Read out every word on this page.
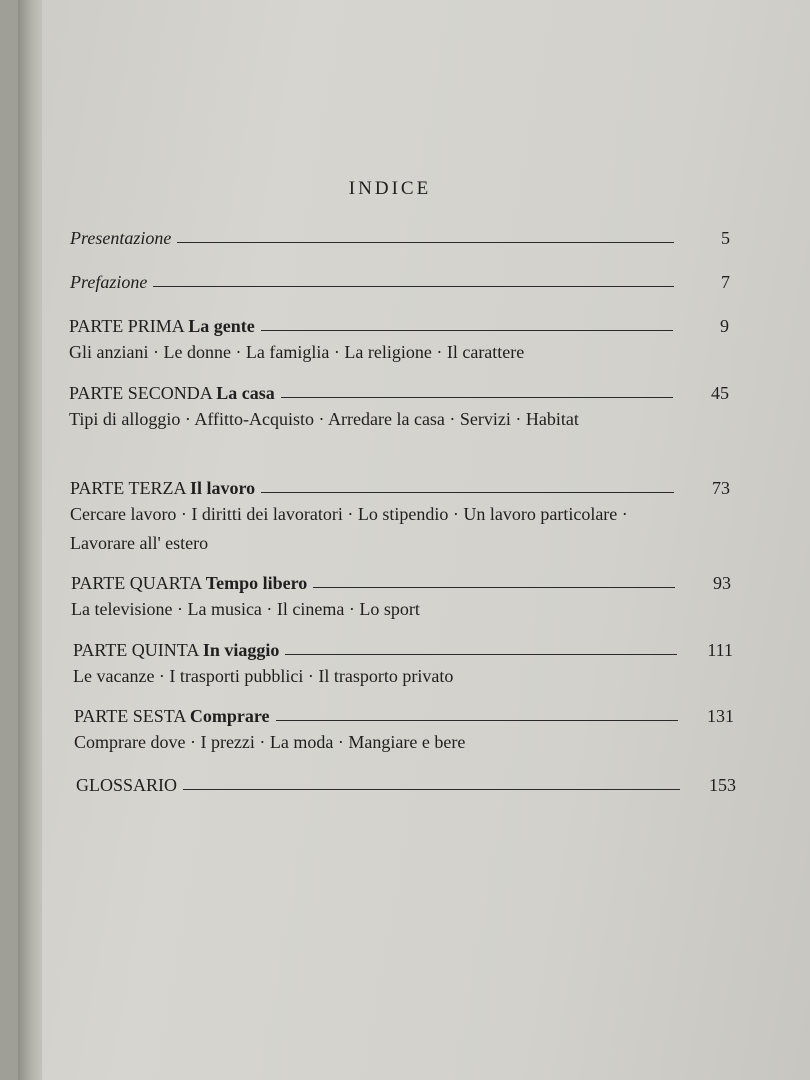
INDICE
Presentazione	5
Prefazione	7
PARTE PRIMA La gente	9
Gli anziani · Le donne · La famiglia · La religione · Il carattere
PARTE SECONDA La casa	45
Tipi di alloggio · Affitto-Acquisto · Arredare la casa · Servizi · Habitat
PARTE TERZA Il lavoro	73
Cercare lavoro · I diritti dei lavoratori · Lo stipendio · Un lavoro particolare · Lavorare all' estero
PARTE QUARTA Tempo libero	93
La televisione · La musica · Il cinema · Lo sport
PARTE QUINTA In viaggio	111
Le vacanze · I trasporti pubblici · Il trasporto privato
PARTE SESTA Comprare	131
Comprare dove · I prezzi · La moda · Mangiare e bere
GLOSSARIO	153
